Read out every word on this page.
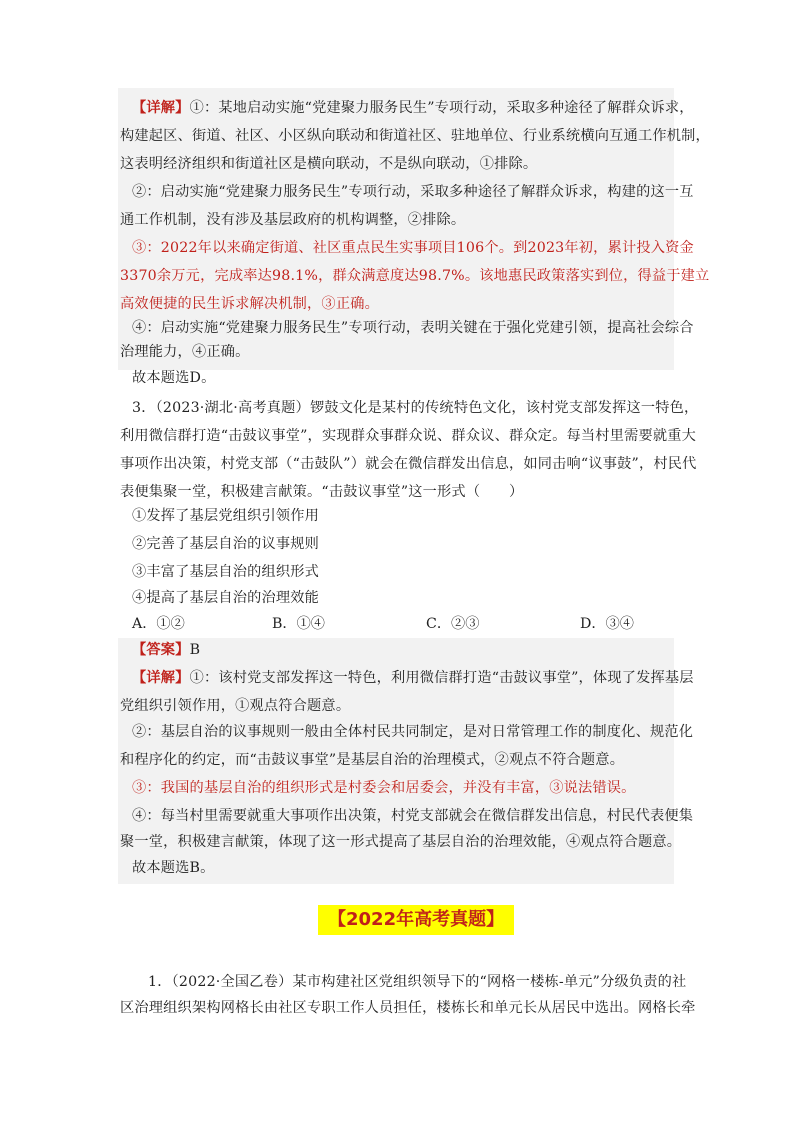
【详解】①：某地启动实施“党建聚力服务民生”专项行动，采取多种途径了解群众诉求，
构建起区、街道、社区、小区纵向联动和街道社区、驻地单位、行业系统横向互通工作机制，
这表明经济组织和街道社区是横向联动，不是纵向联动，①排除。
②：启动实施“党建聚力服务民生”专项行动，采取多种途径了解群众诉求，构建的这一互
通工作机制，没有涉及基层政府的机构调整，②排除。
③：2022年以来确定街道、社区重点民生实事项目106个。到2023年初，累计投入资金
3370余万元，完成率达98.1%，群众满意度达98.7%。该地惠民政策落实到位，得益于建立
高效便捷的民生诉求解决机制，③正确。
④：启动实施“党建聚力服务民生”专项行动，表明关键在于强化党建引领，提高社会综合
治理能力，④正确。
故本题选D。
3．（2023·湖北·高考真题）锣鼓文化是某村的传统特色文化，该村党支部发挥这一特色，
利用微信群打造“击鼓议事堂”，实现群众事群众说、群众议、群众定。每当村里需要就重大
事项作出决策，村党支部（“击鼓队”）就会在微信群发出信息，如同击响“议事鼓”，村民代
表便集聚一堂，积极建言献策。“击鼓议事堂”这一形式（　　）
①发挥了基层党组织引领作用
②完善了基层自治的议事规则
③丰富了基层自治的组织形式
④提高了基层自治的治理效能
A．①②	B．①④	C．②③	D．③④
【答案】B
【详解】①：该村党支部发挥这一特色，利用微信群打造“击鼓议事堂”，体现了发挥基层
党组织引领作用，①观点符合题意。
②：基层自治的议事规则一般由全体村民共同制定，是对日常管理工作的制度化、规范化
和程序化的约定，而“击鼓议事堂”是基层自治的治理模式，②观点不符合题意。
③：我国的基层自治的组织形式是村委会和居委会，并没有丰富，③说法错误。
④：每当村里需要就重大事项作出决策，村党支部就会在微信群发出信息，村民代表便集
聚一堂，积极建言献策，体现了这一形式提高了基层自治的治理效能，④观点符合题意。
故本题选B。
【2022年高考真题】
1．（2022·全国乙卷）某市构建社区党组织领导下的“网格一楼栋-单元”分级负责的社
区治理组织架构网格长由社区专职工作人员担任，楼栋长和单元长从居民中选出。网格长牵
